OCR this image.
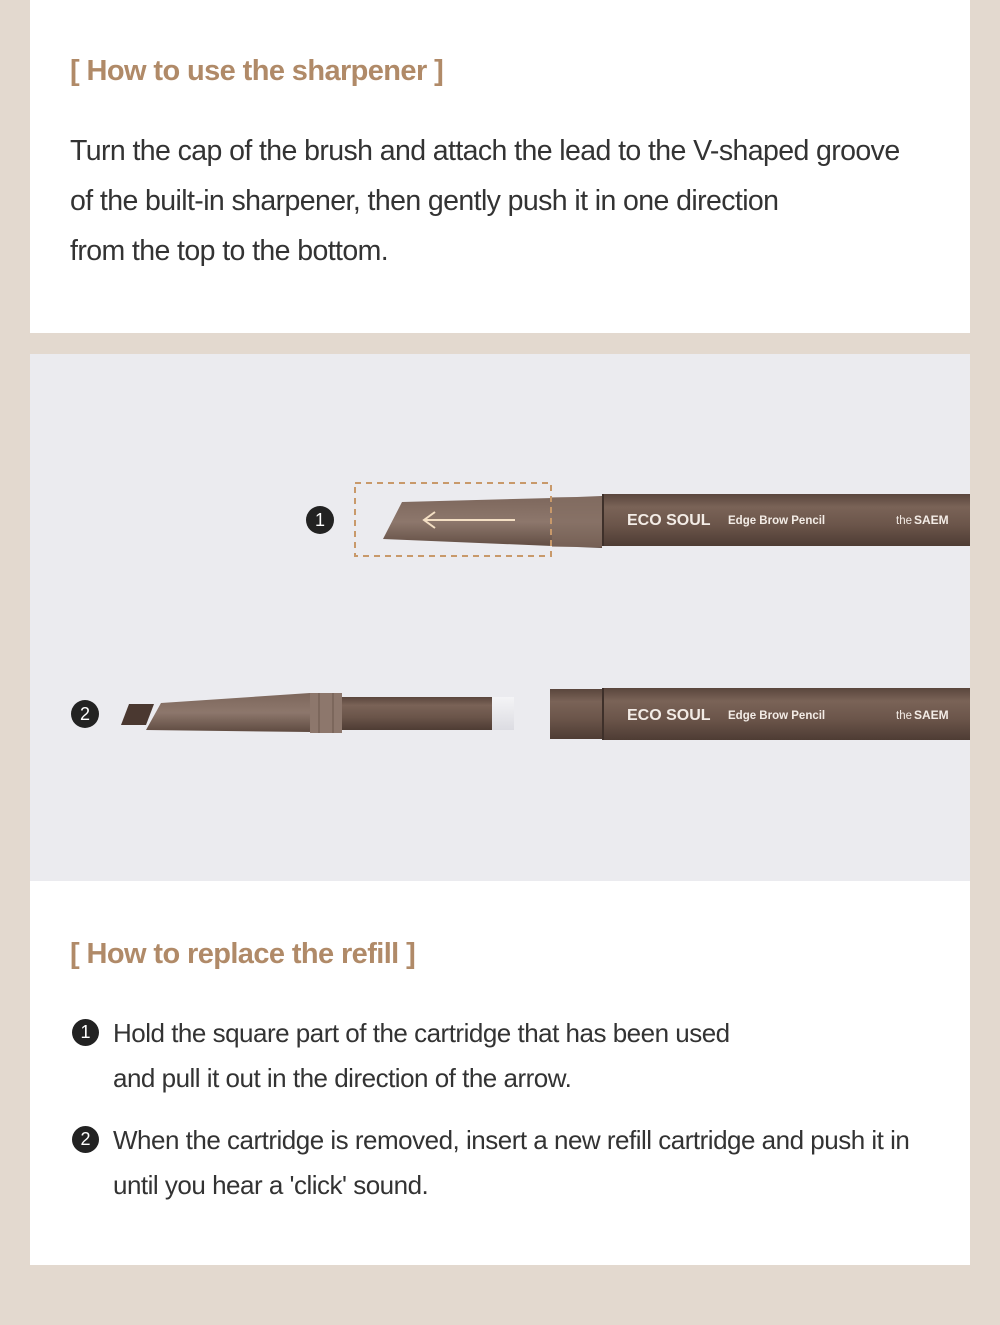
[ How to use the sharpener ]

Turn the cap of the brush and attach the lead to the V-shaped groove
of the built-in sharpener, then gently push it in one direction
from the top to the bottom.

1
2
ECO SOUL Edge Brow Pencil	the SAEM
ECO SOUL Edge Brow Pencil	the SAEM
[ How to replace the refill ]
1 Hold the square part of the cartridge that has been used
and pull it out in the direction of the arrow.
2 When the cartridge is removed, insert a new refill cartridge and push it in
until you hear a 'click' sound.
